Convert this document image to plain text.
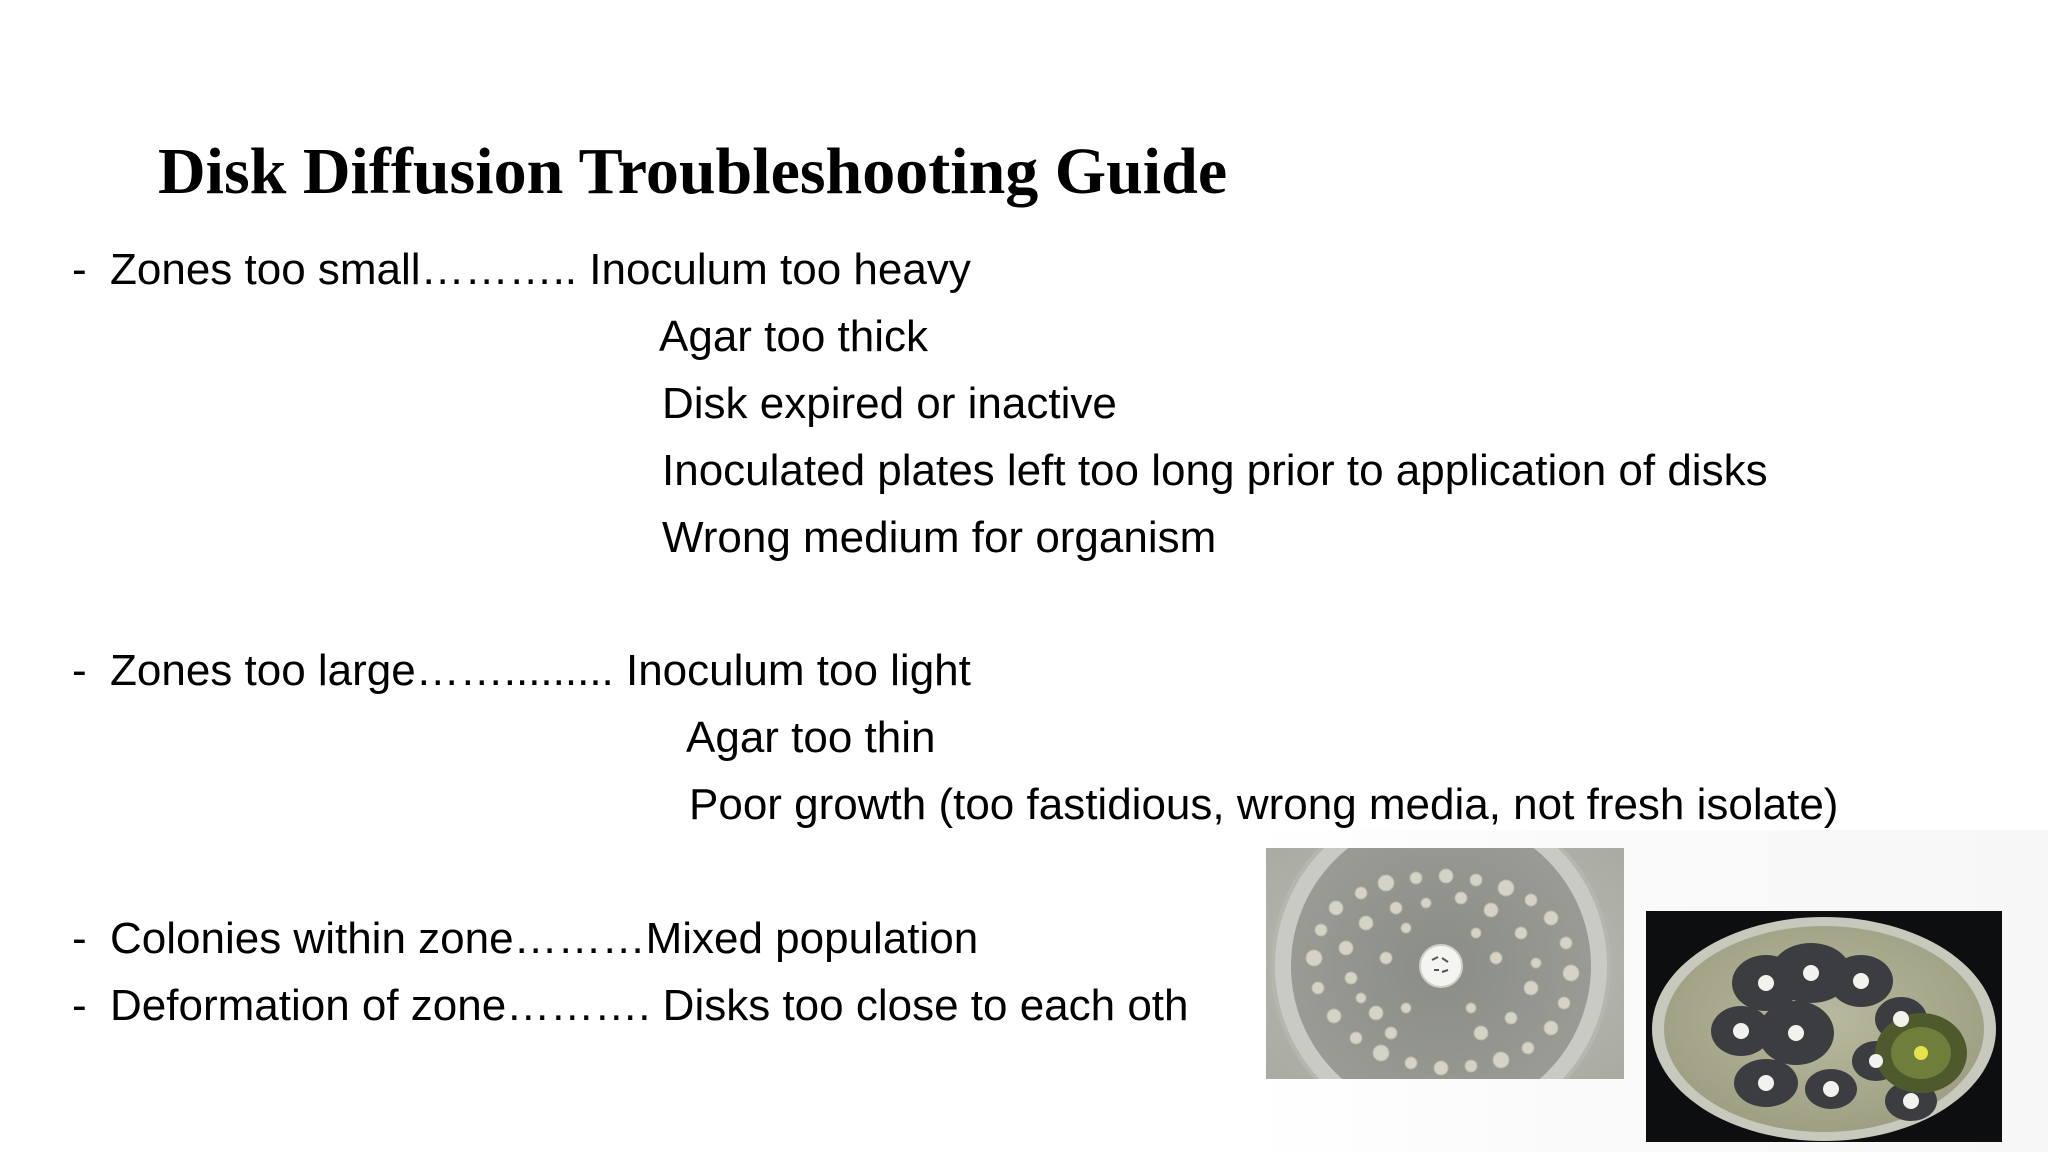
Disk Diffusion Troubleshooting Guide
- Zones too small……….. Inoculum too heavy
Agar too thick
Disk expired or inactive
Inoculated plates left too long prior to application of disks
Wrong medium for organism
- Zones too large……......... Inoculum too light
Agar too thin
Poor growth (too fastidious, wrong media, not fresh isolate)
- Colonies within zone………Mixed population
- Deformation of zone………. Disks too close to each oth
